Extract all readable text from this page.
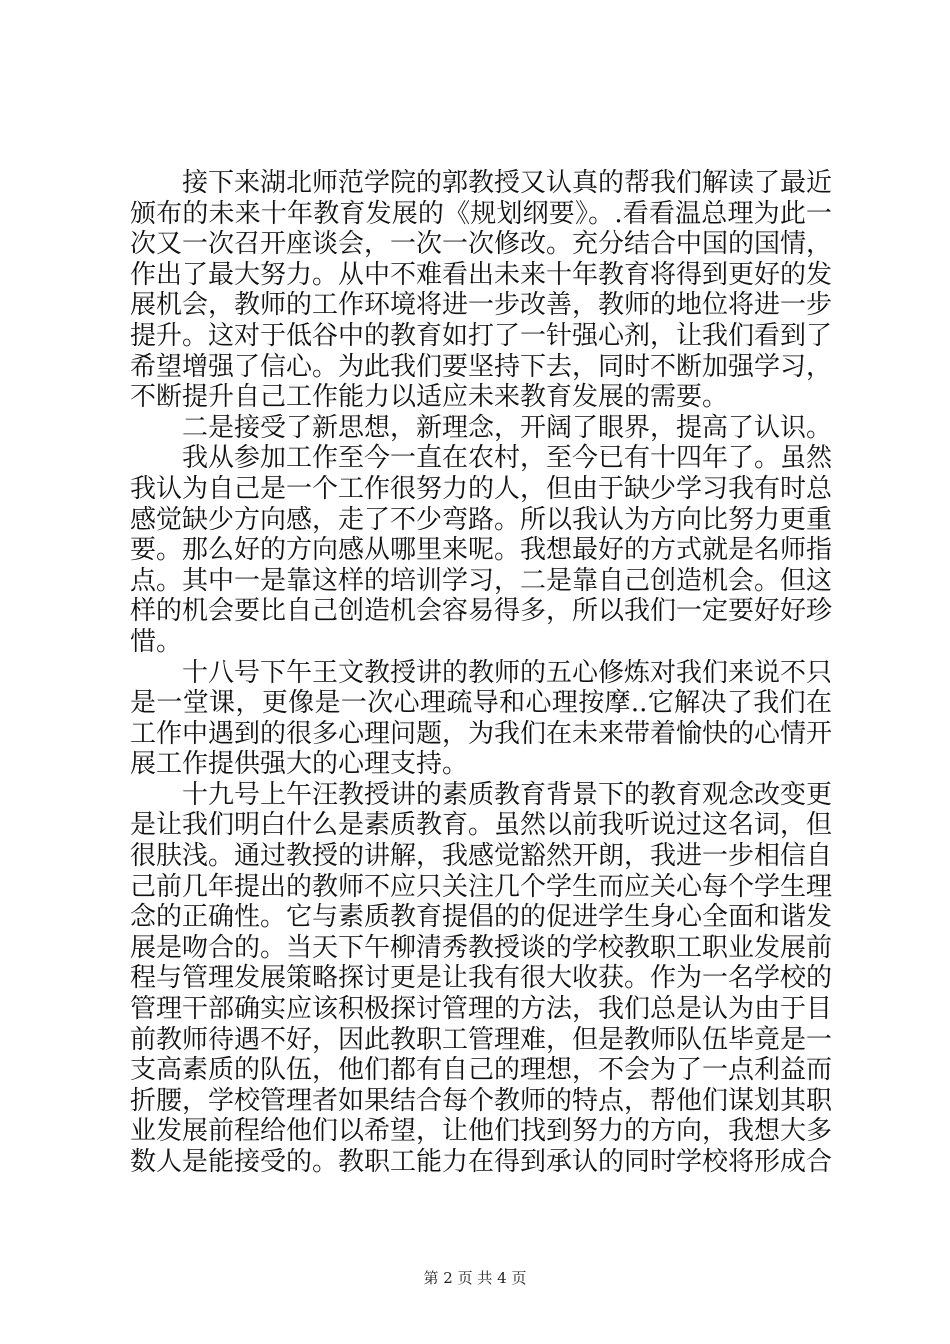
接下来湖北师范学院的郭教授又认真的帮我们解读了最近颁布的未来十年教育发展的《规划纲要》。.看看温总理为此一次又一次召开座谈会，一次一次修改。充分结合中国的国情，作出了最大努力。从中不难看出未来十年教育将得到更好的发展机会，教师的工作环境将进一步改善，教师的地位将进一步提升。这对于低谷中的教育如打了一针强心剂，让我们看到了希望增强了信心。为此我们要坚持下去，同时不断加强学习，不断提升自己工作能力以适应未来教育发展的需要。

二是接受了新思想，新理念，开阔了眼界，提高了认识。

我从参加工作至今一直在农村，至今已有十四年了。虽然我认为自己是一个工作很努力的人，但由于缺少学习我有时总感觉缺少方向感，走了不少弯路。所以我认为方向比努力更重要。那么好的方向感从哪里来呢。我想最好的方式就是名师指点。其中一是靠这样的培训学习，二是靠自己创造机会。但这样的机会要比自己创造机会容易得多，所以我们一定要好好珍惜。

十八号下午王文教授讲的教师的五心修炼对我们来说不只是一堂课，更像是一次心理疏导和心理按摩..它解决了我们在工作中遇到的很多心理问题，为我们在未来带着愉快的心情开展工作提供强大的心理支持。

十九号上午汪教授讲的素质教育背景下的教育观念改变更是让我们明白什么是素质教育。虽然以前我听说过这名词，但很肤浅。通过教授的讲解，我感觉豁然开朗，我进一步相信自己前几年提出的教师不应只关注几个学生而应关心每个学生理念的正确性。它与素质教育提倡的的促进学生身心全面和谐发展是吻合的。当天下午柳清秀教授谈的学校教职工职业发展前程与管理发展策略探讨更是让我有很大收获。作为一名学校的管理干部确实应该积极探讨管理的方法，我们总是认为由于目前教师待遇不好，因此教职工管理难，但是教师队伍毕竟是一支高素质的队伍，他们都有自己的理想，不会为了一点利益而折腰，学校管理者如果结合每个教师的特点，帮他们谋划其职业发展前程给他们以希望，让他们找到努力的方向，我想大多数人是能接受的。教职工能力在得到承认的同时学校将形成合

第 2 页 共 4 页
